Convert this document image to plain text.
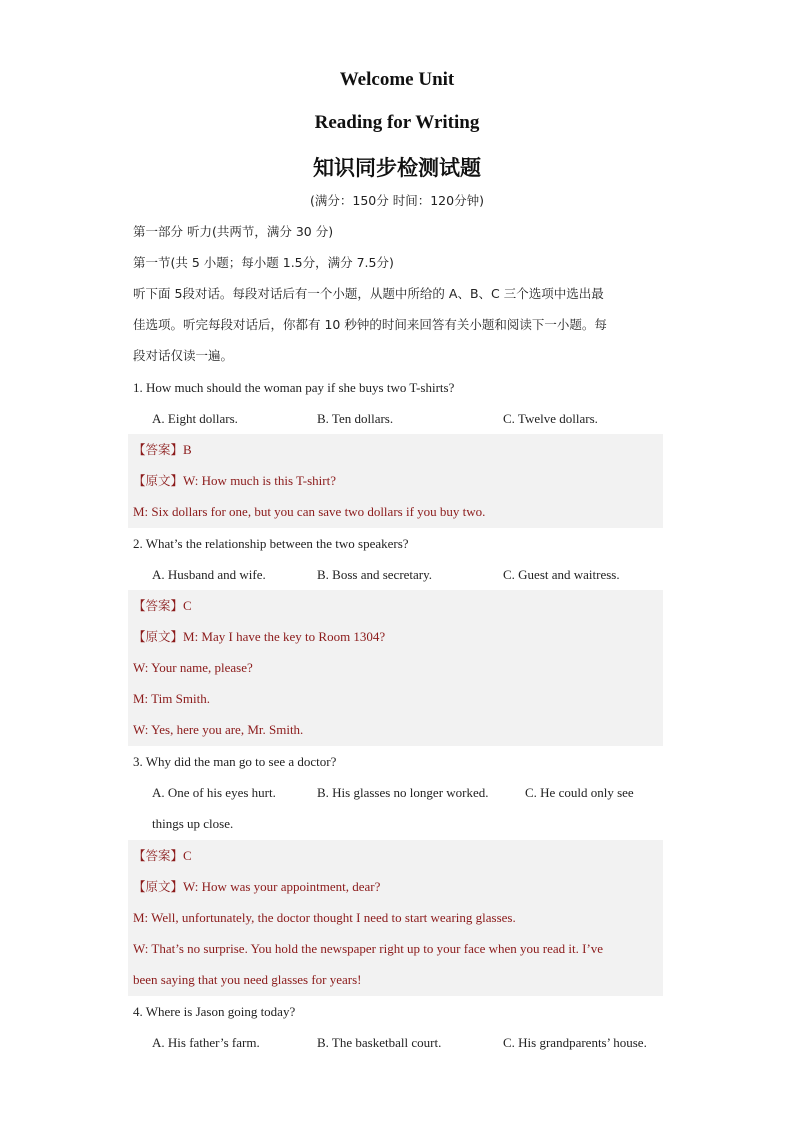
Welcome Unit
Reading for Writing
知识同步检测试题
(满分：150分 时间：120分钟)
第一部分 听力(共两节，满分 30 分)
第一节(共 5 小题；每小题 1.5分，满分 7.5分)
听下面 5段对话。每段对话后有一个小题，从题中所给的 A、B、C 三个选项中选出最
佳选项。听完每段对话后，你都有 10 秒钟的时间来回答有关小题和阅读下一小题。每
段对话仅读一遍。
1. How much should the woman pay if she buys two T-shirts?
A. Eight dollars.	B. Ten dollars.	C. Twelve dollars.
【答案】B
【原文】W: How much is this T-shirt?
M: Six dollars for one, but you can save two dollars if you buy two.
2. What’s the relationship between the two speakers?
A. Husband and wife.	B. Boss and secretary.	C. Guest and waitress.
【答案】C
【原文】M: May I have the key to Room 1304?
W: Your name, please?
M: Tim Smith.
W: Yes, here you are, Mr. Smith.
3. Why did the man go to see a doctor?
A. One of his eyes hurt.	B. His glasses no longer worked.	C. He could only see
things up close.
【答案】C
【原文】W: How was your appointment, dear?
M: Well, unfortunately, the doctor thought I need to start wearing glasses.
W: That’s no surprise. You hold the newspaper right up to your face when you read it. I’ve
been saying that you need glasses for years!
4. Where is Jason going today?
A. His father’s farm.	B. The basketball court.	C. His grandparents’ house.
